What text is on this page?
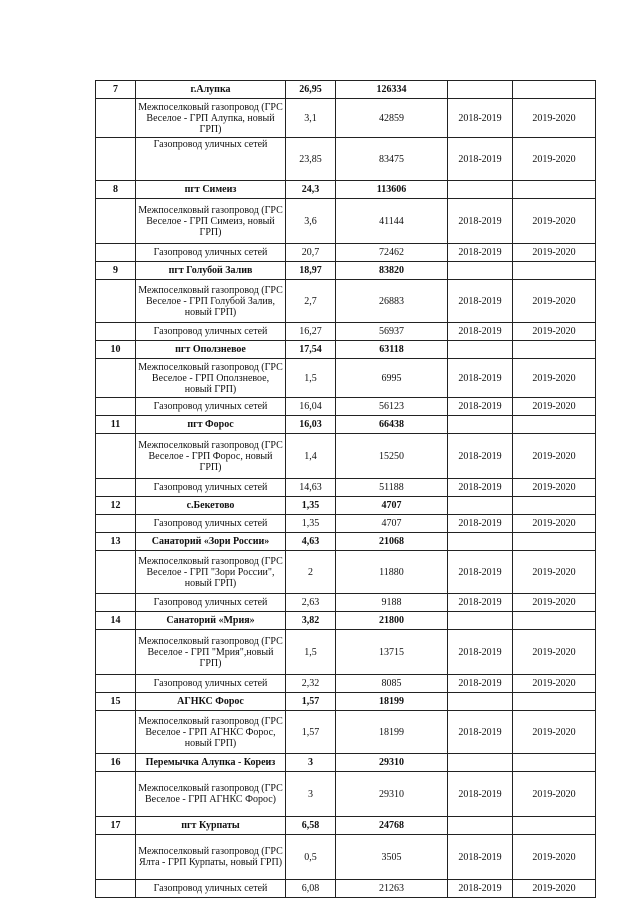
7	г.Алупка	26,95	126334		
	Межпоселковый газопровод (ГРС Веселое - ГРП Алупка, новый ГРП)	3,1	42859	2018-2019	2019-2020
	Газопровод уличных сетей	23,85	83475	2018-2019	2019-2020
8	пгт Симеиз	24,3	113606		
	Межпоселковый газопровод (ГРС Веселое - ГРП Симеиз, новый ГРП)	3,6	41144	2018-2019	2019-2020
	Газопровод уличных сетей	20,7	72462	2018-2019	2019-2020
9	пгт Голубой Залив	18,97	83820		
	Межпоселковый газопровод (ГРС Веселое - ГРП Голубой Залив, новый ГРП)	2,7	26883	2018-2019	2019-2020
	Газопровод уличных сетей	16,27	56937	2018-2019	2019-2020
10	пгт Оползневое	17,54	63118		
	Межпоселковый газопровод (ГРС Веселое - ГРП Оползневое, новый ГРП)	1,5	6995	2018-2019	2019-2020
	Газопровод уличных сетей	16,04	56123	2018-2019	2019-2020
11	пгт Форос	16,03	66438		
	Межпоселковый газопровод (ГРС Веселое - ГРП Форос, новый ГРП)	1,4	15250	2018-2019	2019-2020
	Газопровод уличных сетей	14,63	51188	2018-2019	2019-2020
12	с.Бекетово	1,35	4707		
	Газопровод уличных сетей	1,35	4707	2018-2019	2019-2020
13	Санаторий «Зори России»	4,63	21068		
	Межпоселковый газопровод (ГРС Веселое - ГРП "Зори России", новый ГРП)	2	11880	2018-2019	2019-2020
	Газопровод уличных сетей	2,63	9188	2018-2019	2019-2020
14	Санаторий «Мрия»	3,82	21800		
	Межпоселковый газопровод (ГРС Веселое - ГРП "Мрия",новый ГРП)	1,5	13715	2018-2019	2019-2020
	Газопровод уличных сетей	2,32	8085	2018-2019	2019-2020
15	АГНКС Форос	1,57	18199		
	Межпоселковый газопровод (ГРС Веселое - ГРП АГНКС Форос, новый ГРП)	1,57	18199	2018-2019	2019-2020
16	Перемычка Алупка - Кореиз	3	29310		
	Межпоселковый газопровод (ГРС Веселое - ГРП АГНКС Форос)	3	29310	2018-2019	2019-2020
17	пгт Курпаты	6,58	24768		
	Межпоселковый газопровод (ГРС Ялта - ГРП Курпаты, новый ГРП)	0,5	3505	2018-2019	2019-2020
	Газопровод уличных сетей	6,08	21263	2018-2019	2019-2020
